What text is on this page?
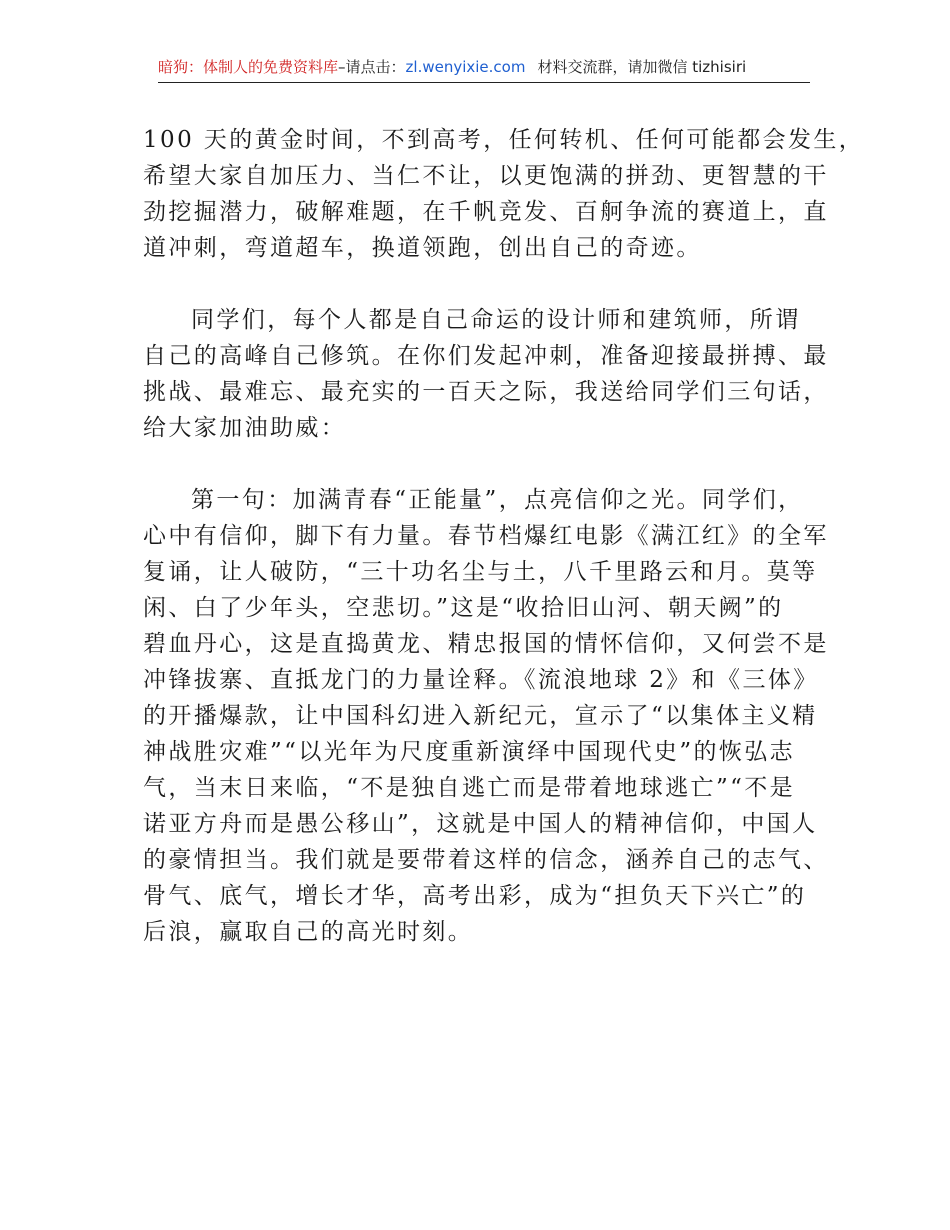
暗狗：体制人的免费资料库–请点击：zl.wenyixie.com 材料交流群，请加微信 tizhisiri
100 天的黄金时间，不到高考，任何转机、任何可能都会发生，
希望大家自加压力、当仁不让，以更饱满的拼劲、更智慧的干
劲挖掘潜力，破解难题，在千帆竞发、百舸争流的赛道上，直
道冲刺，弯道超车，换道领跑，创出自己的奇迹。
同学们，每个人都是自己命运的设计师和建筑师，所谓
自己的高峰自己修筑。在你们发起冲刺，准备迎接最拼搏、最
挑战、最难忘、最充实的一百天之际，我送给同学们三句话，
给大家加油助威：
第一句：加满青春“正能量”，点亮信仰之光。同学们，
心中有信仰，脚下有力量。春节档爆红电影《满江红》的全军
复诵，让人破防，“三十功名尘与土，八千里路云和月。莫等
闲、白了少年头，空悲切。”这是“收拾旧山河、朝天阙”的
碧血丹心，这是直捣黄龙、精忠报国的情怀信仰，又何尝不是
冲锋拔寨、直抵龙门的力量诠释。《流浪地球 2》和《三体》
的开播爆款，让中国科幻进入新纪元，宣示了“以集体主义精
神战胜灾难”“以光年为尺度重新演绎中国现代史”的恢弘志
气，当末日来临，“不是独自逃亡而是带着地球逃亡”“不是
诺亚方舟而是愚公移山”，这就是中国人的精神信仰，中国人
的豪情担当。我们就是要带着这样的信念，涵养自己的志气、
骨气、底气，增长才华，高考出彩，成为“担负天下兴亡”的
后浪，赢取自己的高光时刻。
